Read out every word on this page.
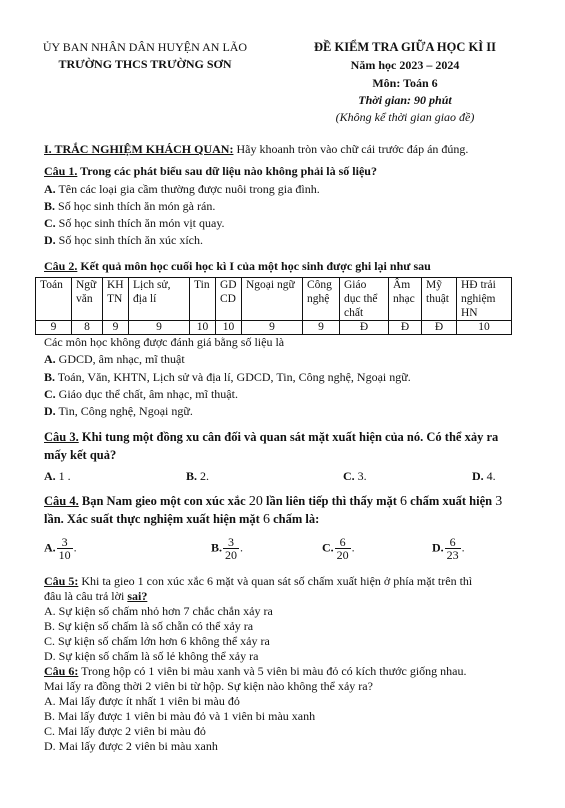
ỦY BAN NHÂN DÂN HUYỆN AN LÃO
TRƯỜNG THCS TRƯỜNG SƠN
ĐỀ KIỂM TRA GIỮA HỌC KÌ II
Năm học 2023 – 2024
Môn: Toán 6
Thời gian: 90 phút
(Không kể thời gian giao đề)
I. TRẮC NGHIỆM KHÁCH QUAN: Hãy khoanh tròn vào chữ cái trước đáp án đúng.
Câu 1. Trong các phát biểu sau dữ liệu nào không phải là số liệu?
A. Tên các loại gia cầm thường được nuôi trong gia đình.
B. Số học sinh thích ăn món gà rán.
C. Số học sinh thích ăn món vịt quay.
D. Số học sinh thích ăn xúc xích.
Câu 2. Kết quả môn học cuối học kì I của một học sinh được ghi lại như sau
Toán	Ngữ văn	KH TN	Lịch sử, địa lí	Tin	GD CD	Ngoại ngữ	Công nghệ	Giáo dục thể chất	Âm nhạc	Mỹ thuật	HĐ trải nghiệm HN
9	8	9	9	10	10	9	9	Đ	Đ	Đ	10
Các môn học không được đánh giá bằng số liệu là
A. GDCD, âm nhạc, mĩ thuật
B. Toán, Văn, KHTN, Lịch sử và địa lí, GDCD, Tin, Công nghệ, Ngoại ngữ.
C. Giáo dục thể chất, âm nhạc, mĩ thuật.
D. Tin, Công nghệ, Ngoại ngữ.
Câu 3. Khi tung một đồng xu cân đối và quan sát mặt xuất hiện của nó. Có thể xảy ra
mấy kết quả?
A. 1 .	B. 2.	C. 3.	D. 4.
Câu 4. Bạn Nam gieo một con xúc xắc 20 lần liên tiếp thì thấy mặt 6 chấm xuất hiện 3
lần. Xác suất thực nghiệm xuất hiện mặt 6 chấm là:
A. $\frac{3}{10}$ .	B. $\frac{3}{20}$ .	C. $\frac{6}{20}$ .	D. $\frac{6}{23}$ .
Câu 5: Khi ta gieo 1 con xúc xắc 6 mặt và quan sát số chấm xuất hiện ở phía mặt trên thì
đâu là câu trả lời sai?
A. Sự kiện số chấm nhỏ hơn 7 chắc chắn xảy ra
B. Sự kiện số chấm là số chẵn có thể xảy ra
C. Sự kiện số chấm lớn hơn 6 không thể xảy ra
D. Sự kiện số chấm là số lẻ không thể xảy ra
Câu 6: Trong hộp có 1 viên bi màu xanh và 5 viên bi màu đỏ có kích thước giống nhau.
Mai lấy ra đồng thời 2 viên bi từ hộp. Sự kiện nào không thể xảy ra?
A. Mai lấy được ít nhất 1 viên bi màu đỏ
B. Mai lấy được 1 viên bi màu đỏ và 1 viên bi màu xanh
C. Mai lấy được 2 viên bi màu đỏ
D. Mai lấy được 2 viên bi màu xanh
